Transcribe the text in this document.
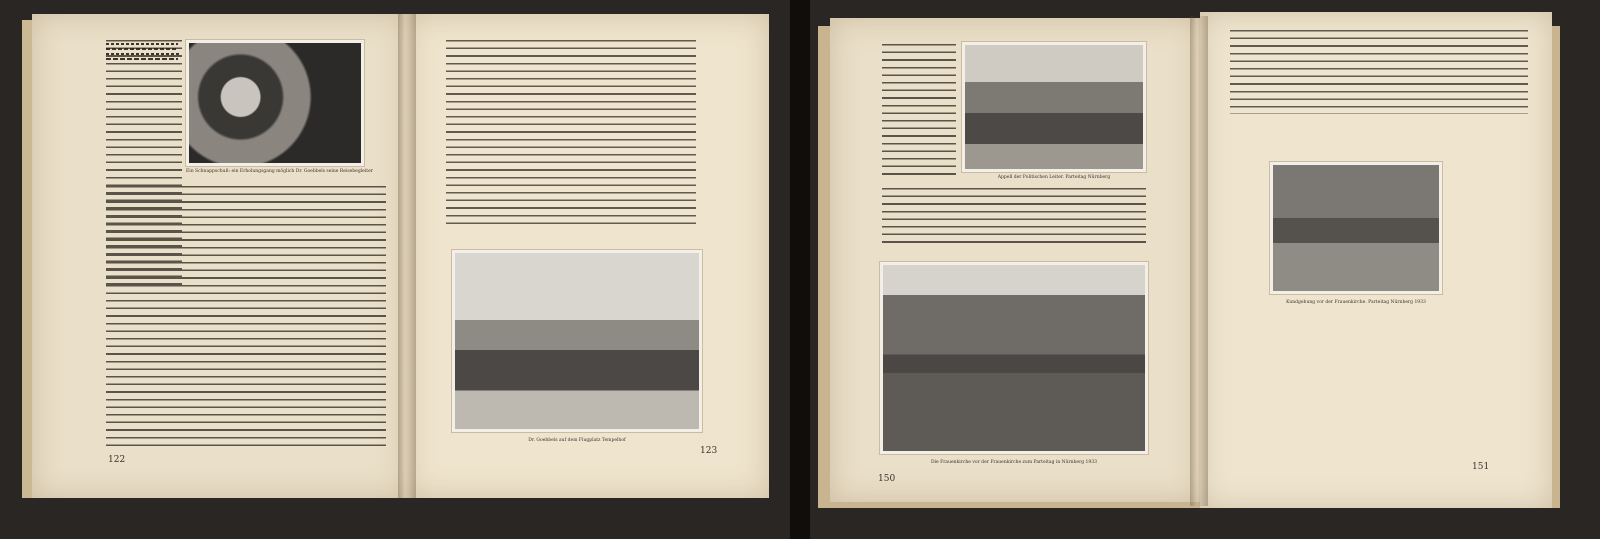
Ein Schnappschuß: ein Erholungsgang möglich Dr. Goebbels seine Reisebegleiter
122
Dr. Goebbels auf dem Flugplatz Tempelhof
123
Appell der Politischen Leiter. Parteitag Nürnberg
Die Frauenkirche vor der Frauenkirche zum Parteitag in Nürnberg 1933
150
Kundgebung vor der Frauenkirche. Parteitag Nürnberg 1933
151
